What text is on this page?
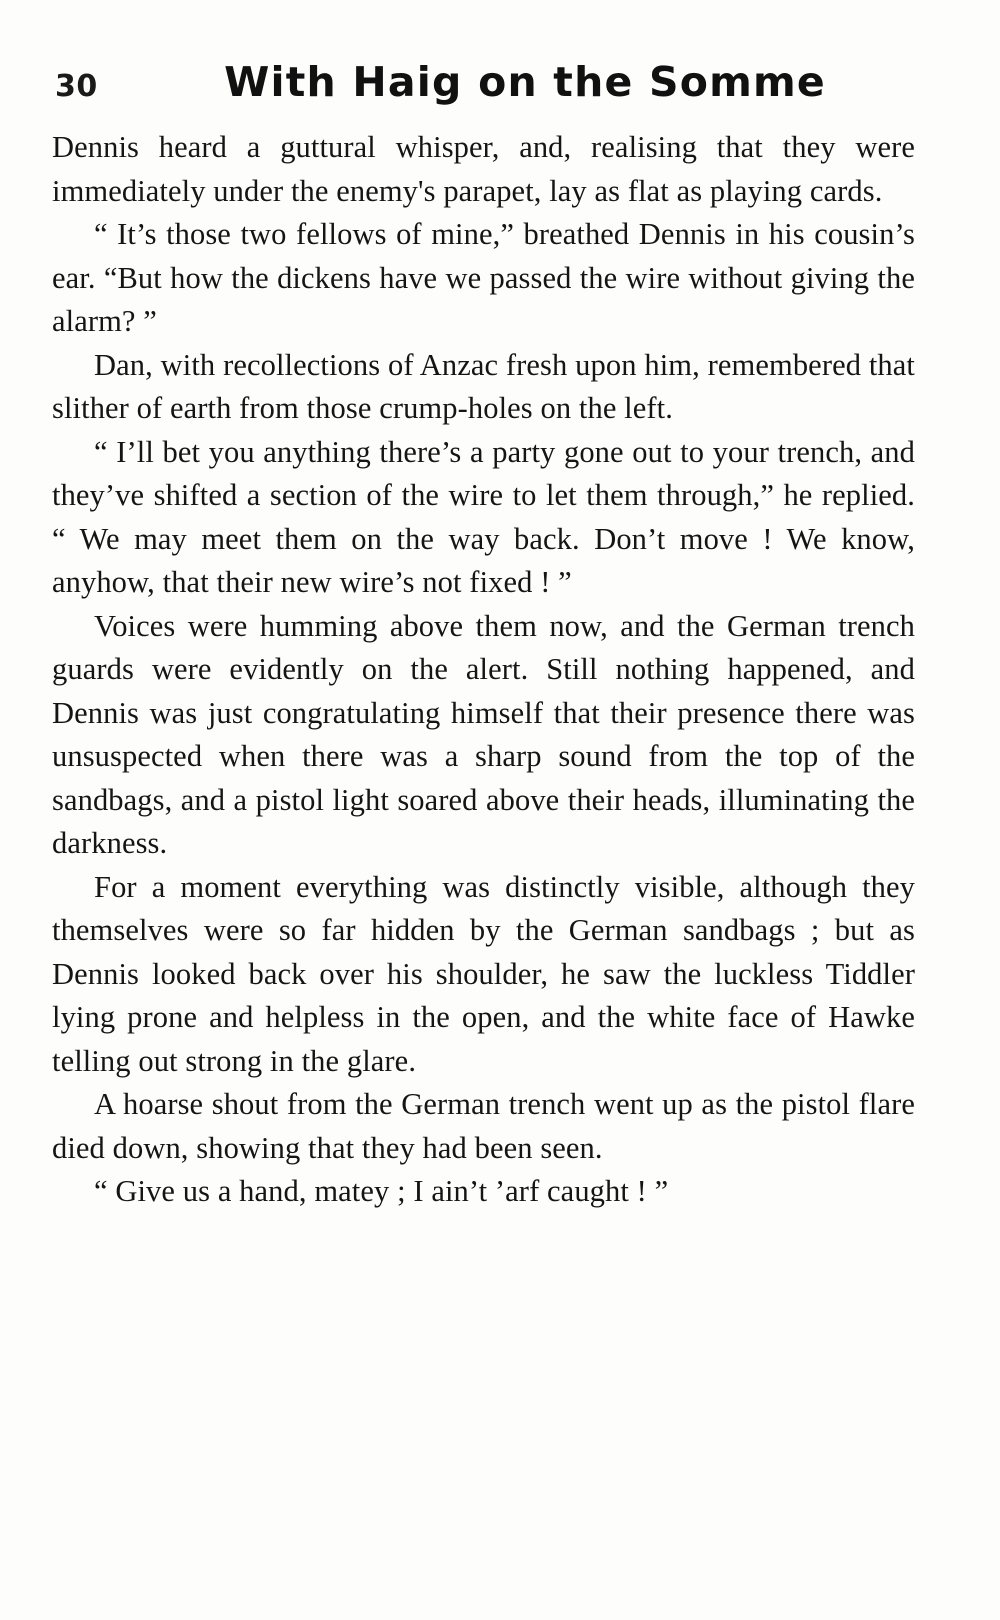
30	With Haig on the Somme

Dennis heard a guttural whisper, and, realising that they were immediately under the enemy's parapet, lay as flat as playing cards.

“ It’s those two fellows of mine,” breathed Dennis in his cousin’s ear. “But how the dickens have we passed the wire without giving the alarm? ”

Dan, with recollections of Anzac fresh upon him, remembered that slither of earth from those crump-holes on the left.

“ I’ll bet you anything there’s a party gone out to your trench, and they’ve shifted a section of the wire to let them through,” he replied. “ We may meet them on the way back. Don’t move ! We know, anyhow, that their new wire’s not fixed ! ”

Voices were humming above them now, and the German trench guards were evidently on the alert. Still nothing happened, and Dennis was just congratulating himself that their presence there was unsuspected when there was a sharp sound from the top of the sandbags, and a pistol light soared above their heads, illuminating the darkness.

For a moment everything was distinctly visible, although they themselves were so far hidden by the German sandbags ; but as Dennis looked back over his shoulder, he saw the luckless Tiddler lying prone and helpless in the open, and the white face of Hawke telling out strong in the glare.

A hoarse shout from the German trench went up as the pistol flare died down, showing that they had been seen.

“ Give us a hand, matey ; I ain’t ’arf caught ! ”
